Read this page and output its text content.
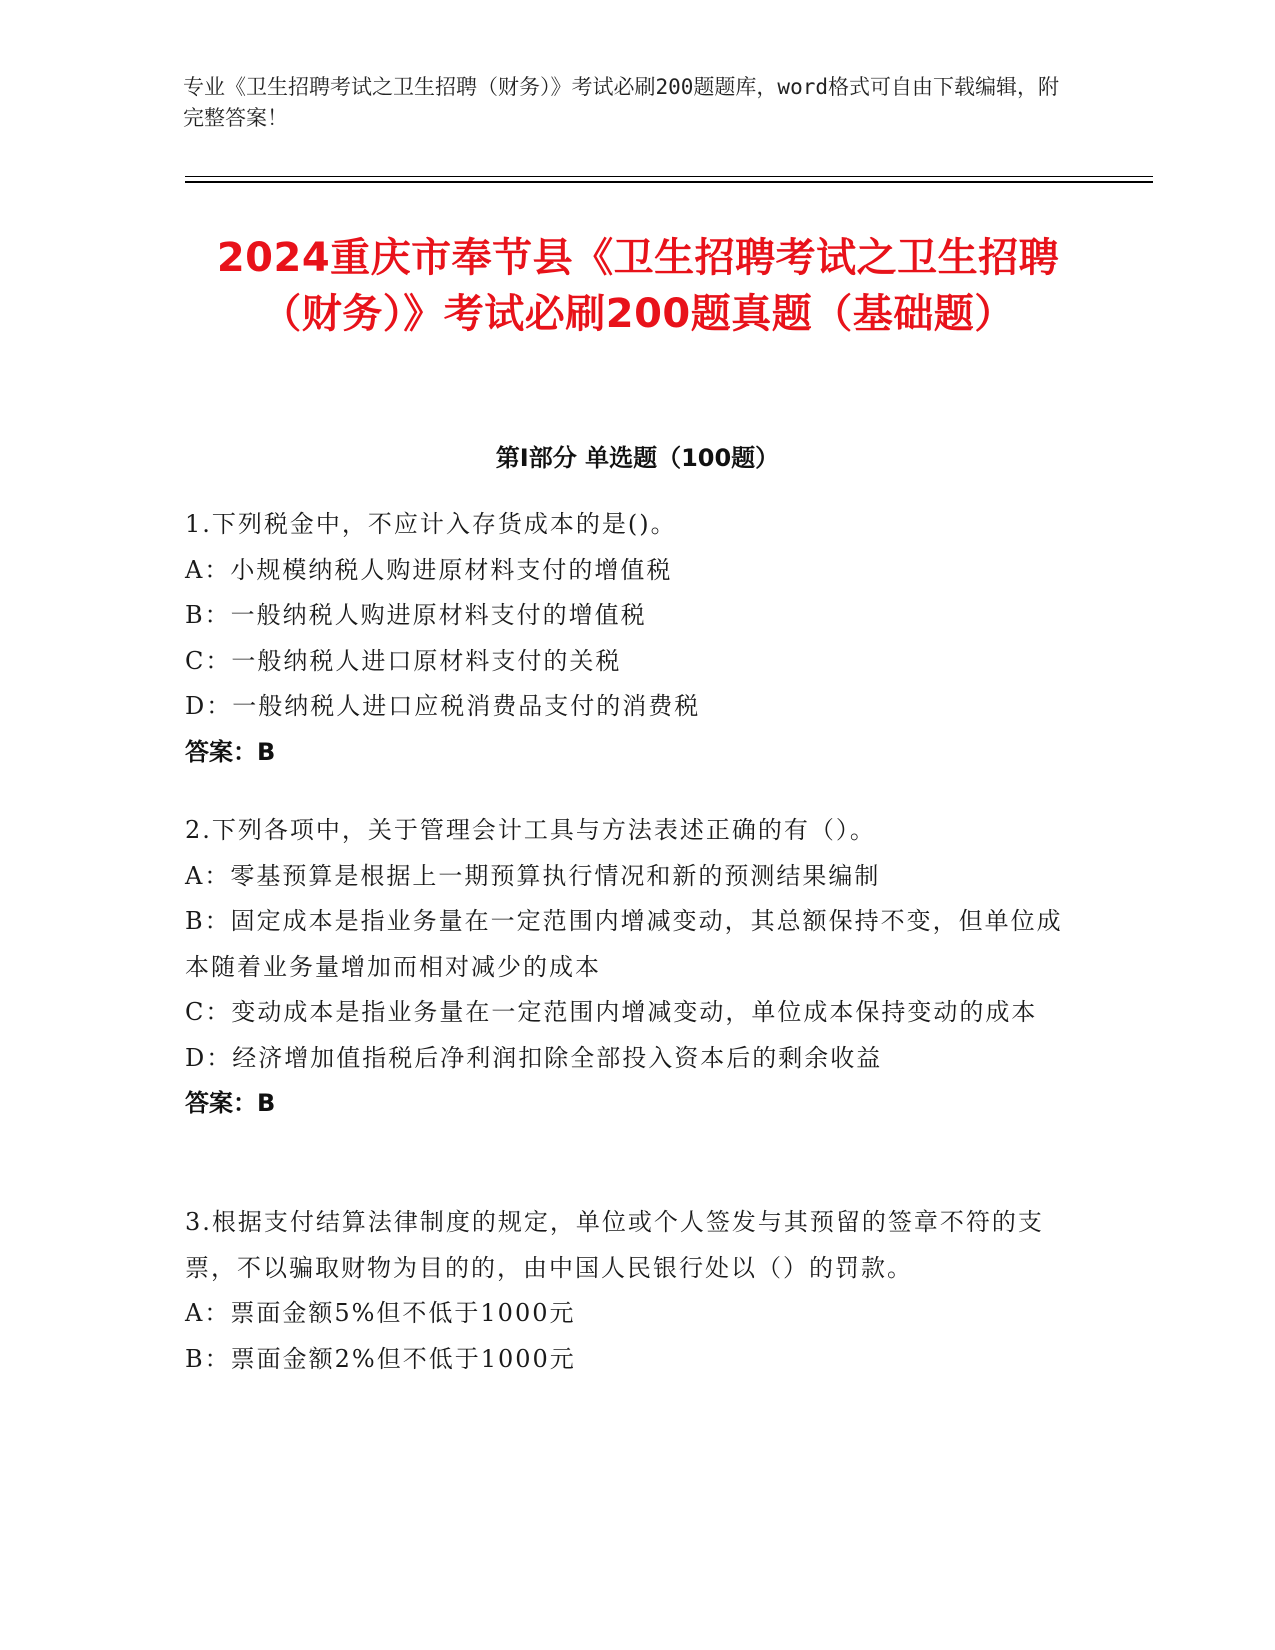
专业《卫生招聘考试之卫生招聘（财务）》考试必刷200题题库，word格式可自由下载编辑，附完整答案！
2024重庆市奉节县《卫生招聘考试之卫生招聘（财务）》考试必刷200题真题（基础题）
第I部分 单选题（100题）
1.下列税金中，不应计入存货成本的是()。
A：小规模纳税人购进原材料支付的增值税
B：一般纳税人购进原材料支付的增值税
C：一般纳税人进口原材料支付的关税
D：一般纳税人进口应税消费品支付的消费税
答案：B
2.下列各项中，关于管理会计工具与方法表述正确的有（）。
A：零基预算是根据上一期预算执行情况和新的预测结果编制
B：固定成本是指业务量在一定范围内增减变动，其总额保持不变，但单位成本随着业务量增加而相对减少的成本
C：变动成本是指业务量在一定范围内增减变动，单位成本保持变动的成本
D：经济增加值指税后净利润扣除全部投入资本后的剩余收益
答案：B
3.根据支付结算法律制度的规定，单位或个人签发与其预留的签章不符的支票，不以骗取财物为目的的，由中国人民银行处以（）的罚款。
A：票面金额5%但不低于1000元
B：票面金额2%但不低于1000元
